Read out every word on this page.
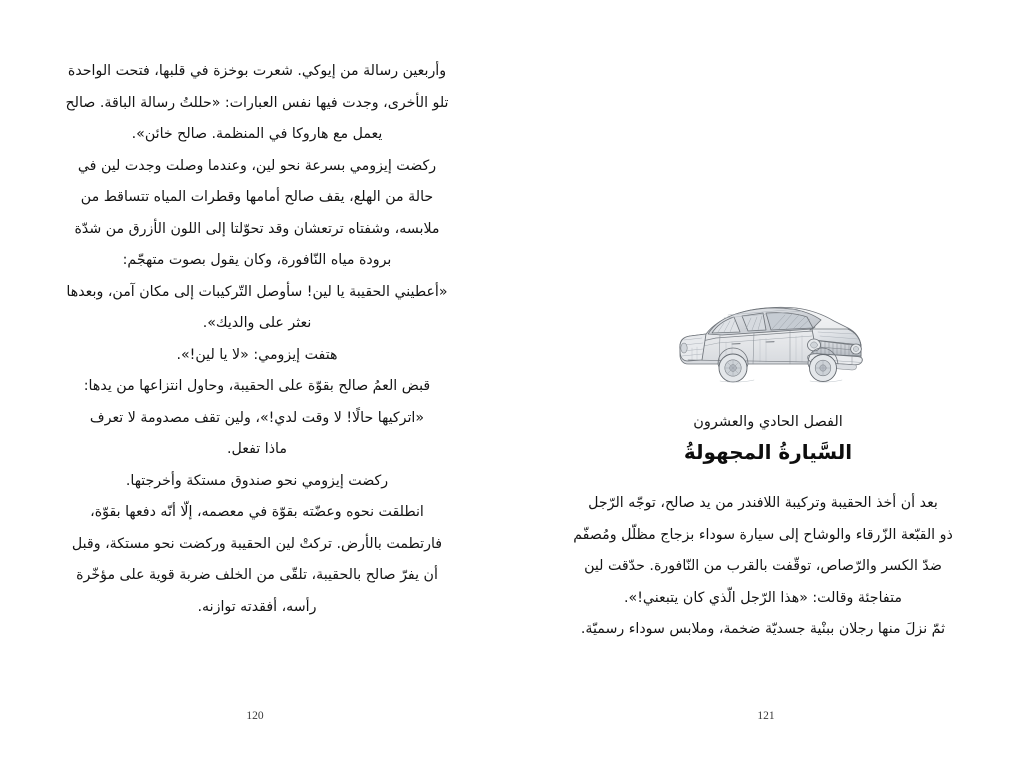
وأربعين رسالة من إيوكي. شعرت بوخزة في قلبها، فتحت الواحدة
تلو الأخرى، وجدت فيها نفس العبارات: «حللتُ رسالة الباقة. صالح
يعمل مع هاروكا في المنظمة. صالح خائن».
ركضت إيزومي بسرعة نحو لين، وعندما وصلت وجدت لين في
حالة من الهلع، يقف صالح أمامها وقطرات المياه تتساقط من
ملابسه، وشفتاه ترتعشان وقد تحوّلتا إلى اللون الأزرق من شدّة
برودة مياه النّافورة، وكان يقول بصوت متهجّم:
«أعطيني الحقيبة يا لين! سأوصل التّركيبات إلى مكان آمن، وبعدها
نعثر على والديك».
هتفت إيزومي: «لا يا لين!».
قبض العمُ صالح بقوّة على الحقيبة، وحاول انتزاعها من يدها:
«اتركيها حالًا! لا وقت لدي!»، ولين تقف مصدومة لا تعرف
ماذا تفعل.
ركضت إيزومي نحو صندوق مستكة وأخرجتها.
انطلقت نحوه وعضّته بقوّة في معصمه، إلّا أنّه دفعها بقوّة،
فارتطمت بالأرض. تركتْ لين الحقيبة وركضت نحو مستكة، وقبل
أن يفرّ صالح بالحقيبة، تلقّى من الخلف ضربة قوية على مؤخّرة
رأسه، أفقدته توازنه.
120
الفصل الحادي والعشرون
السَّيارةُ المجهولةُ
بعد أن أخذ الحقيبة وتركيبة اللافندر من يد صالح، توجّه الرّجل
ذو القبّعة الزّرقاء والوشاح إلى سيارة سوداء بزجاج مظلّل ومُصفّم
ضدّ الكسر والرّصاص، توقّفت بالقرب من النّافورة. حدّقت لين
متفاجئة وقالت: «هذا الرّجل الّذي كان يتبعني!».
ثمّ نزلَ منها رجلان ببنْية جسديّة ضخمة، وملابس سوداء رسميّة.
121
